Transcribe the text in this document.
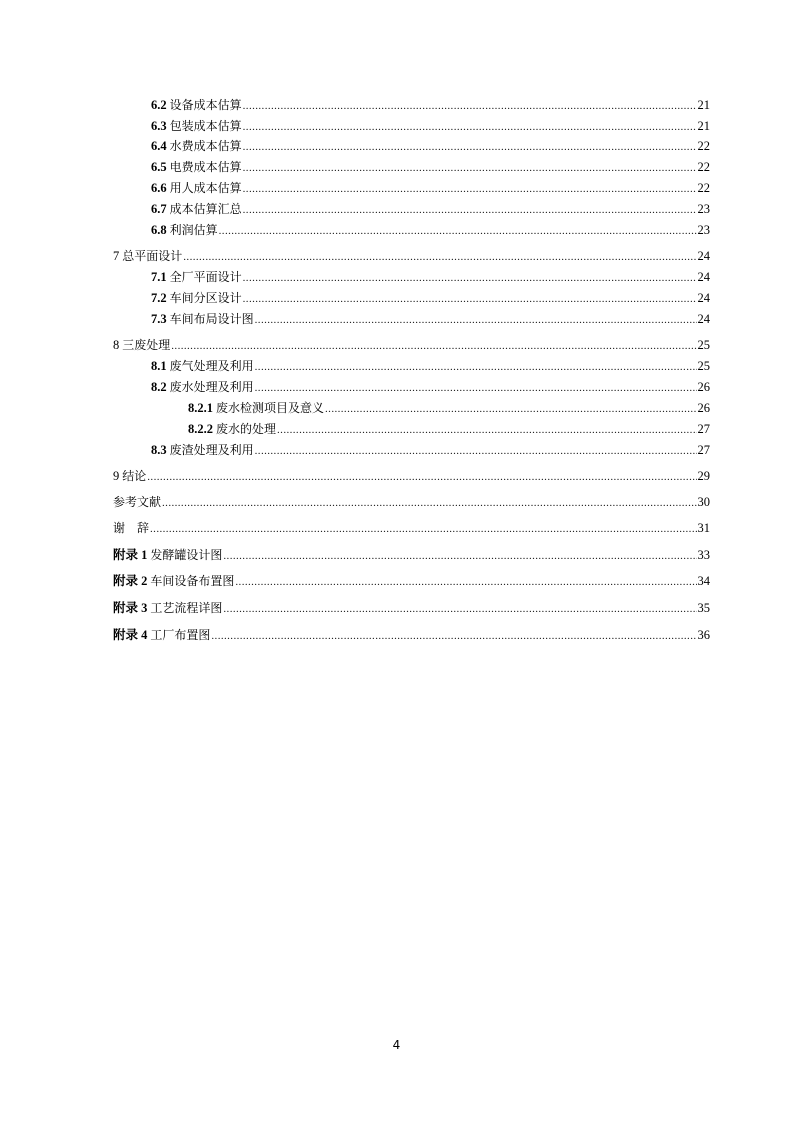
6.2 设备成本估算 .....	21
6.3 包装成本估算 .....	21
6.4 水费成本估算 .....	22
6.5 电费成本估算 .....	22
6.6 用人成本估算 .....	22
6.7 成本估算汇总 .....	23
6.8 利润估算 .....	23
7 总平面设计 .....	24
7.1 全厂平面设计 .....	24
7.2 车间分区设计 .....	24
7.3 车间布局设计图 .....	24
8 三废处理 .....	25
8.1 废气处理及利用 .....	25
8.2 废水处理及利用 .....	26
8.2.1 废水检测项目及意义 .....	26
8.2.2 废水的处理 .....	27
8.3 废渣处理及利用 .....	27
9 结论 .....	29
参考文献 .....	30
谢　辞 .....	31
附录 1 发酵罐设计图 .....	33
附录 2 车间设备布置图 .....	34
附录 3 工艺流程详图 .....	35
附录 4 工厂布置图 .....	36
4
